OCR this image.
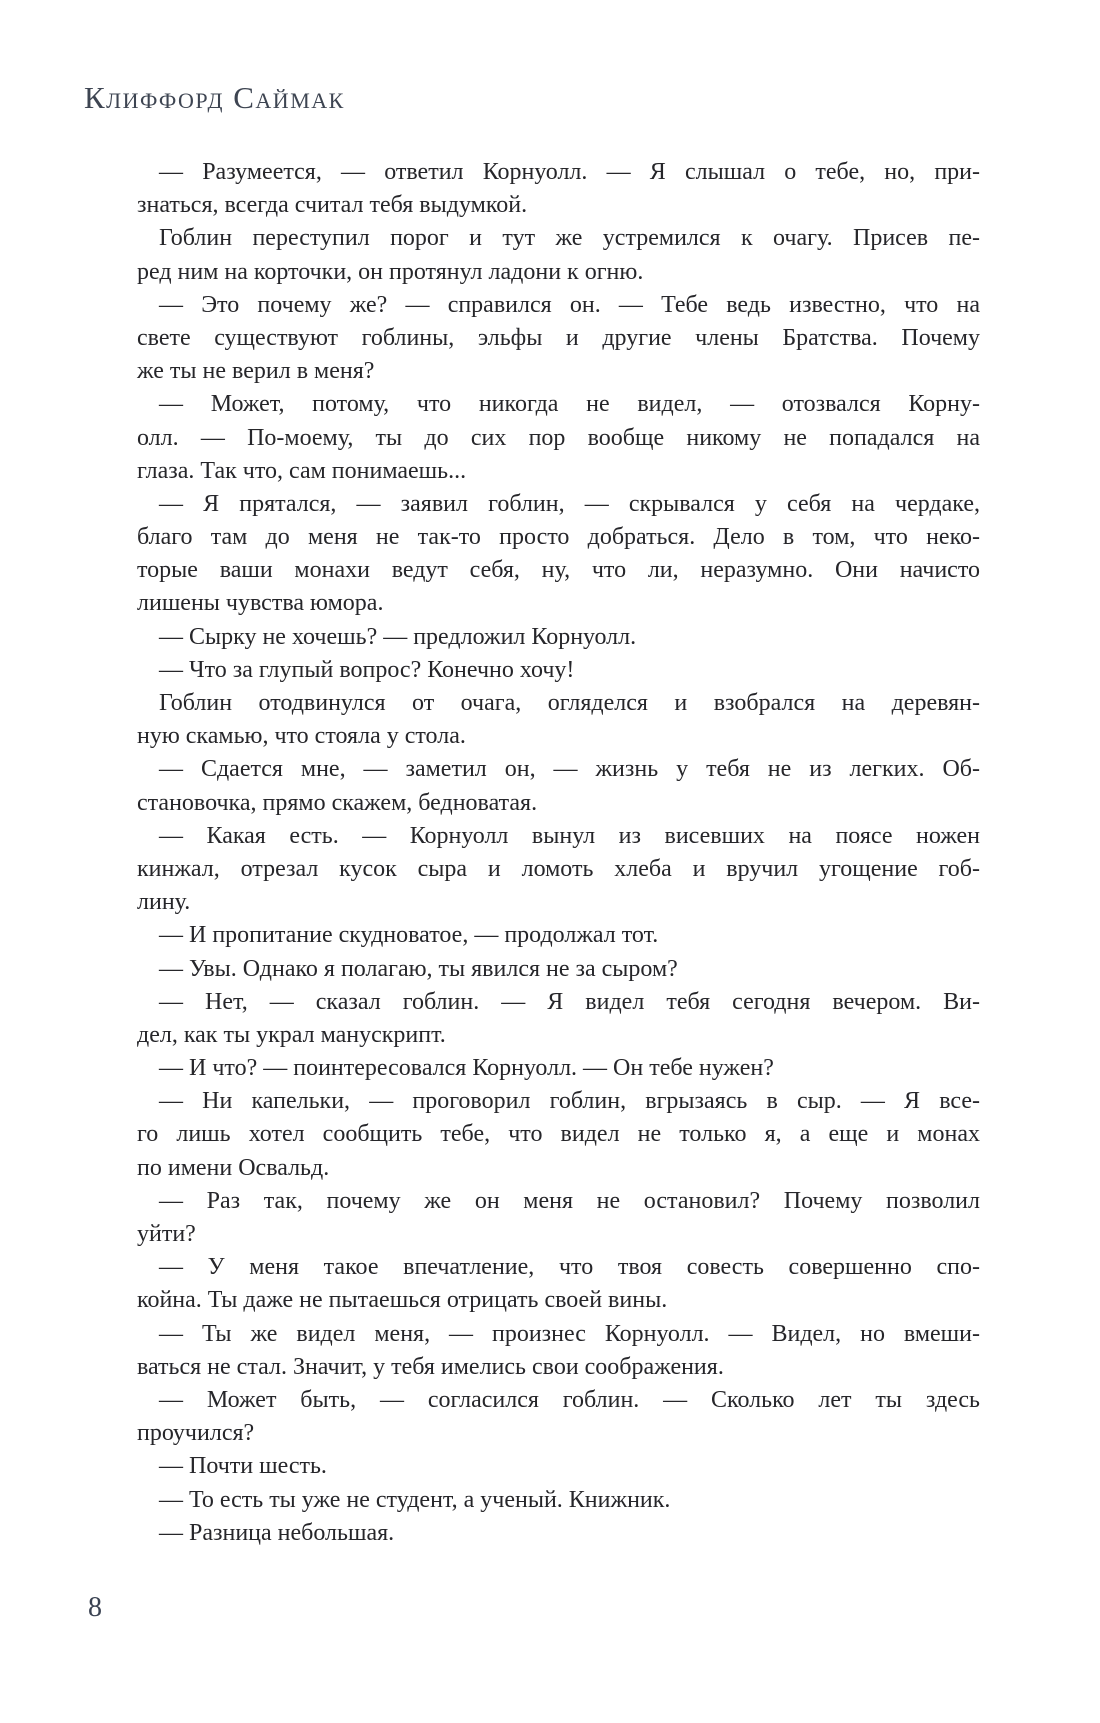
Клиффорд Саймак
— Разумеется, — ответил Корнуолл. — Я слышал о тебе, но, при-
знаться, всегда считал тебя выдумкой.
Гоблин переступил порог и тут же устремился к очагу. Присев пе-
ред ним на корточки, он протянул ладони к огню.
— Это почему же? — справился он. — Тебе ведь известно, что на
свете существуют гоблины, эльфы и другие члены Братства. Почему
же ты не верил в меня?
— Может, потому, что никогда не видел, — отозвался Корну-
олл. — По-моему, ты до сих пор вообще никому не попадался на
глаза. Так что, сам понимаешь...
— Я прятался, — заявил гоблин, — скрывался у себя на чердаке,
благо там до меня не так-то просто добраться. Дело в том, что неко-
торые ваши монахи ведут себя, ну, что ли, неразумно. Они начисто
лишены чувства юмора.
— Сырку не хочешь? — предложил Корнуолл.
— Что за глупый вопрос? Конечно хочу!
Гоблин отодвинулся от очага, огляделся и взобрался на деревян-
ную скамью, что стояла у стола.
— Сдается мне, — заметил он, — жизнь у тебя не из легких. Об-
становочка, прямо скажем, бедноватая.
— Какая есть. — Корнуолл вынул из висевших на поясе ножен
кинжал, отрезал кусок сыра и ломоть хлеба и вручил угощение гоб-
лину.
— И пропитание скудноватое, — продолжал тот.
— Увы. Однако я полагаю, ты явился не за сыром?
— Нет, — сказал гоблин. — Я видел тебя сегодня вечером. Ви-
дел, как ты украл манускрипт.
— И что? — поинтересовался Корнуолл. — Он тебе нужен?
— Ни капельки, — проговорил гоблин, вгрызаясь в сыр. — Я все-
го лишь хотел сообщить тебе, что видел не только я, а еще и монах
по имени Освальд.
— Раз так, почему же он меня не остановил? Почему позволил
уйти?
— У меня такое впечатление, что твоя совесть совершенно спо-
койна. Ты даже не пытаешься отрицать своей вины.
— Ты же видел меня, — произнес Корнуолл. — Видел, но вмеши-
ваться не стал. Значит, у тебя имелись свои соображения.
— Может быть, — согласился гоблин. — Сколько лет ты здесь
проучился?
— Почти шесть.
— То есть ты уже не студент, а ученый. Книжник.
— Разница небольшая.
8
